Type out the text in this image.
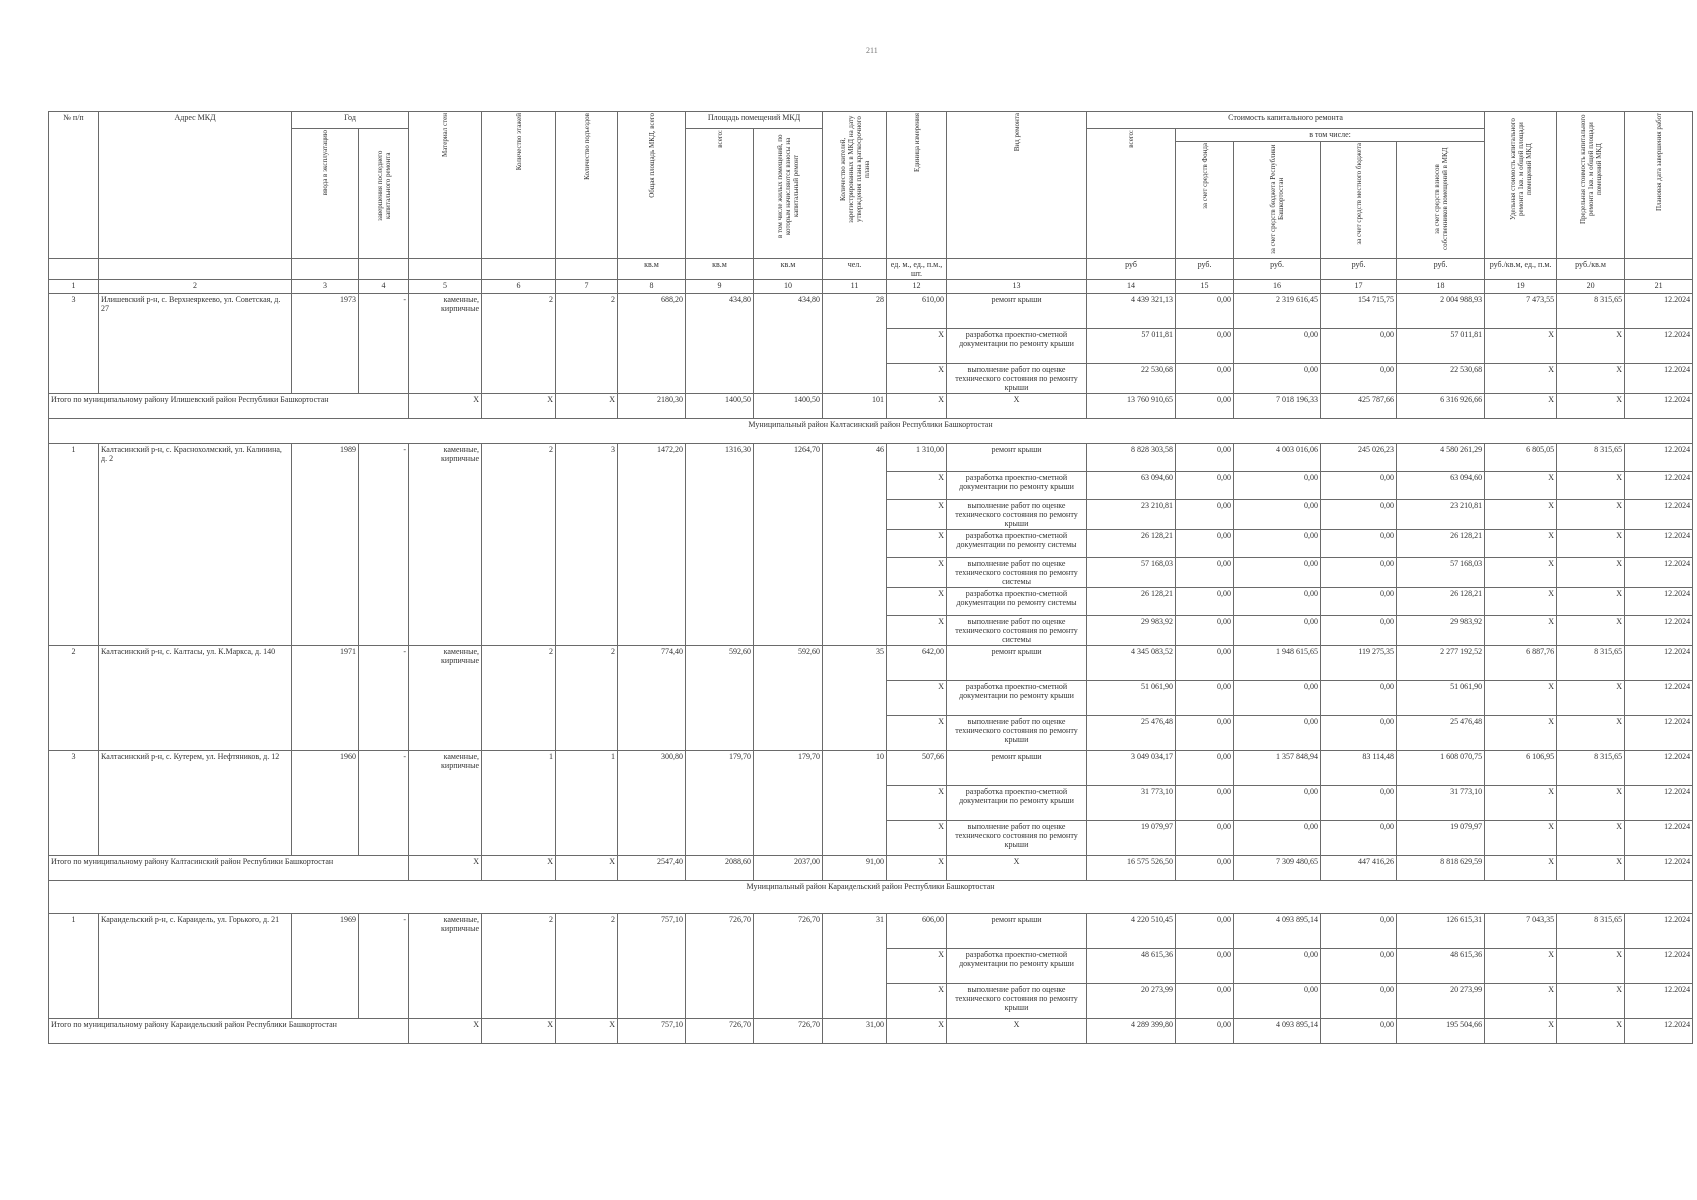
211
№ п/п	Адрес МКД	Год		Материал стен	Количество этажей	Количество подъездов	Общая площадь МКД, всего	Площадь помещений МКД		Количество жителей, зарегистрированных в МКД на дату утверждения плана краткосрочного плана	Единица измерения	Вид ремонта	Стоимость капитального ремонта					Удельная стоимость капитального ремонта 1кв. м общей площади помещений МКД	Предельная стоимость капитального ремонта 1кв. м общей площади помещений МКД	Плановая дата завершения работ
		ввода в эксплуатацию	завершения последнего капитального ремонта					всего:	в том числе жилых помещений, по которым начисляются взносы на капитальный ремонт				всего:	в том числе:						
														за счет средств Фонда	за счет средств бюджета Республики Башкортостан	за счет средств местного бюджета	за счет средств взносов собственников помещений в МКД			
							кв.м	кв.м	кв.м	чел.	ед. м., ед., п.м., шт.		руб	руб.	руб.	руб.	руб.	руб./кв.м, ед., п.м.	руб./кв.м	
1	2	3	4	5	6	7	8	9	10	11	12	13	14	15	16	17	18	19	20	21
3	Илишевский р-н, с. Верхнеяркеево, ул. Советская, д. 27	1973	-	каменные, кирпичные	2	2	688,20	434,80	434,80	28	610,00	ремонт крыши	4 439 321,13	0,00	2 319 616,45	154 715,75	2 004 988,93	7 473,55	8 315,65	12.2024
											X	разработка проектно-сметной документации по ремонту крыши	57 011,81	0,00	0,00	0,00	57 011,81	X	X	12.2024
											X	выполнение работ по оценке технического состояния по ремонту крыши	22 530,68	0,00	0,00	0,00	22 530,68	X	X	12.2024
Итого по муниципальному району Илишевский район Республики Башкортостан				X	X	X	2180,30	1400,50	1400,50	101	X	X	13 760 910,65	0,00	7 018 196,33	425 787,66	6 316 926,66	X	X	12.2024
Муниципальный район Калтасинский район Республики Башкортостан																				
1	Калтасинский р-н, с. Краснохолмский, ул. Калинина, д. 2	1989	-	каменные, кирпичные	2	3	1472,20	1316,30	1264,70	46	1 310,00	ремонт крыши	8 828 303,58	0,00	4 003 016,06	245 026,23	4 580 261,29	6 805,05	8 315,65	12.2024
											X	разработка проектно-сметной документации по ремонту крыши	63 094,60	0,00	0,00	0,00	63 094,60	X	X	12.2024
											X	выполнение работ по оценке технического состояния по ремонту крыши	23 210,81	0,00	0,00	0,00	23 210,81	X	X	12.2024
											X	разработка проектно-сметной документации по ремонту системы	26 128,21	0,00	0,00	0,00	26 128,21	X	X	12.2024
											X	выполнение работ по оценке технического состояния по ремонту системы	57 168,03	0,00	0,00	0,00	57 168,03	X	X	12.2024
											X	разработка проектно-сметной документации по ремонту системы	26 128,21	0,00	0,00	0,00	26 128,21	X	X	12.2024
											X	выполнение работ по оценке технического состояния по ремонту системы	29 983,92	0,00	0,00	0,00	29 983,92	X	X	12.2024
2	Калтасинский р-н, с. Калтасы, ул. К.Маркса, д. 140	1971	-	каменные, кирпичные	2	2	774,40	592,60	592,60	35	642,00	ремонт крыши	4 345 083,52	0,00	1 948 615,65	119 275,35	2 277 192,52	6 887,76	8 315,65	12.2024
											X	разработка проектно-сметной документации по ремонту крыши	51 061,90	0,00	0,00	0,00	51 061,90	X	X	12.2024
											X	выполнение работ по оценке технического состояния по ремонту крыши	25 476,48	0,00	0,00	0,00	25 476,48	X	X	12.2024
3	Калтасинский р-н, с. Кутерем, ул. Нефтяников, д. 12	1960	-	каменные, кирпичные	1	1	300,80	179,70	179,70	10	507,66	ремонт крыши	3 049 034,17	0,00	1 357 848,94	83 114,48	1 608 070,75	6 106,95	8 315,65	12.2024
											X	разработка проектно-сметной документации по ремонту крыши	31 773,10	0,00	0,00	0,00	31 773,10	X	X	12.2024
											X	выполнение работ по оценке технического состояния по ремонту крыши	19 079,97	0,00	0,00	0,00	19 079,97	X	X	12.2024
Итого по муниципальному району Калтасинский район Республики Башкортостан				X	X	X	2547,40	2088,60	2037,00	91,00	X	X	16 575 526,50	0,00	7 309 480,65	447 416,26	8 818 629,59	X	X	12.2024
Муниципальный район Караидельский район Республики Башкортостан																				
1	Караидельский р-н, с. Караидель, ул. Горького, д. 21	1969	-	каменные, кирпичные	2	2	757,10	726,70	726,70	31	606,00	ремонт крыши	4 220 510,45	0,00	4 093 895,14	0,00	126 615,31	7 043,35	8 315,65	12.2024
											X	разработка проектно-сметной документации по ремонту крыши	48 615,36	0,00	0,00	0,00	48 615,36	X	X	12.2024
											X	выполнение работ по оценке технического состояния по ремонту крыши	20 273,99	0,00	0,00	0,00	20 273,99	X	X	12.2024
Итого по муниципальному району Караидельский район Республики Башкортостан				X	X	X	757,10	726,70	726,70	31,00	X	X	4 289 399,80	0,00	4 093 895,14	0,00	195 504,66	X	X	12.2024
